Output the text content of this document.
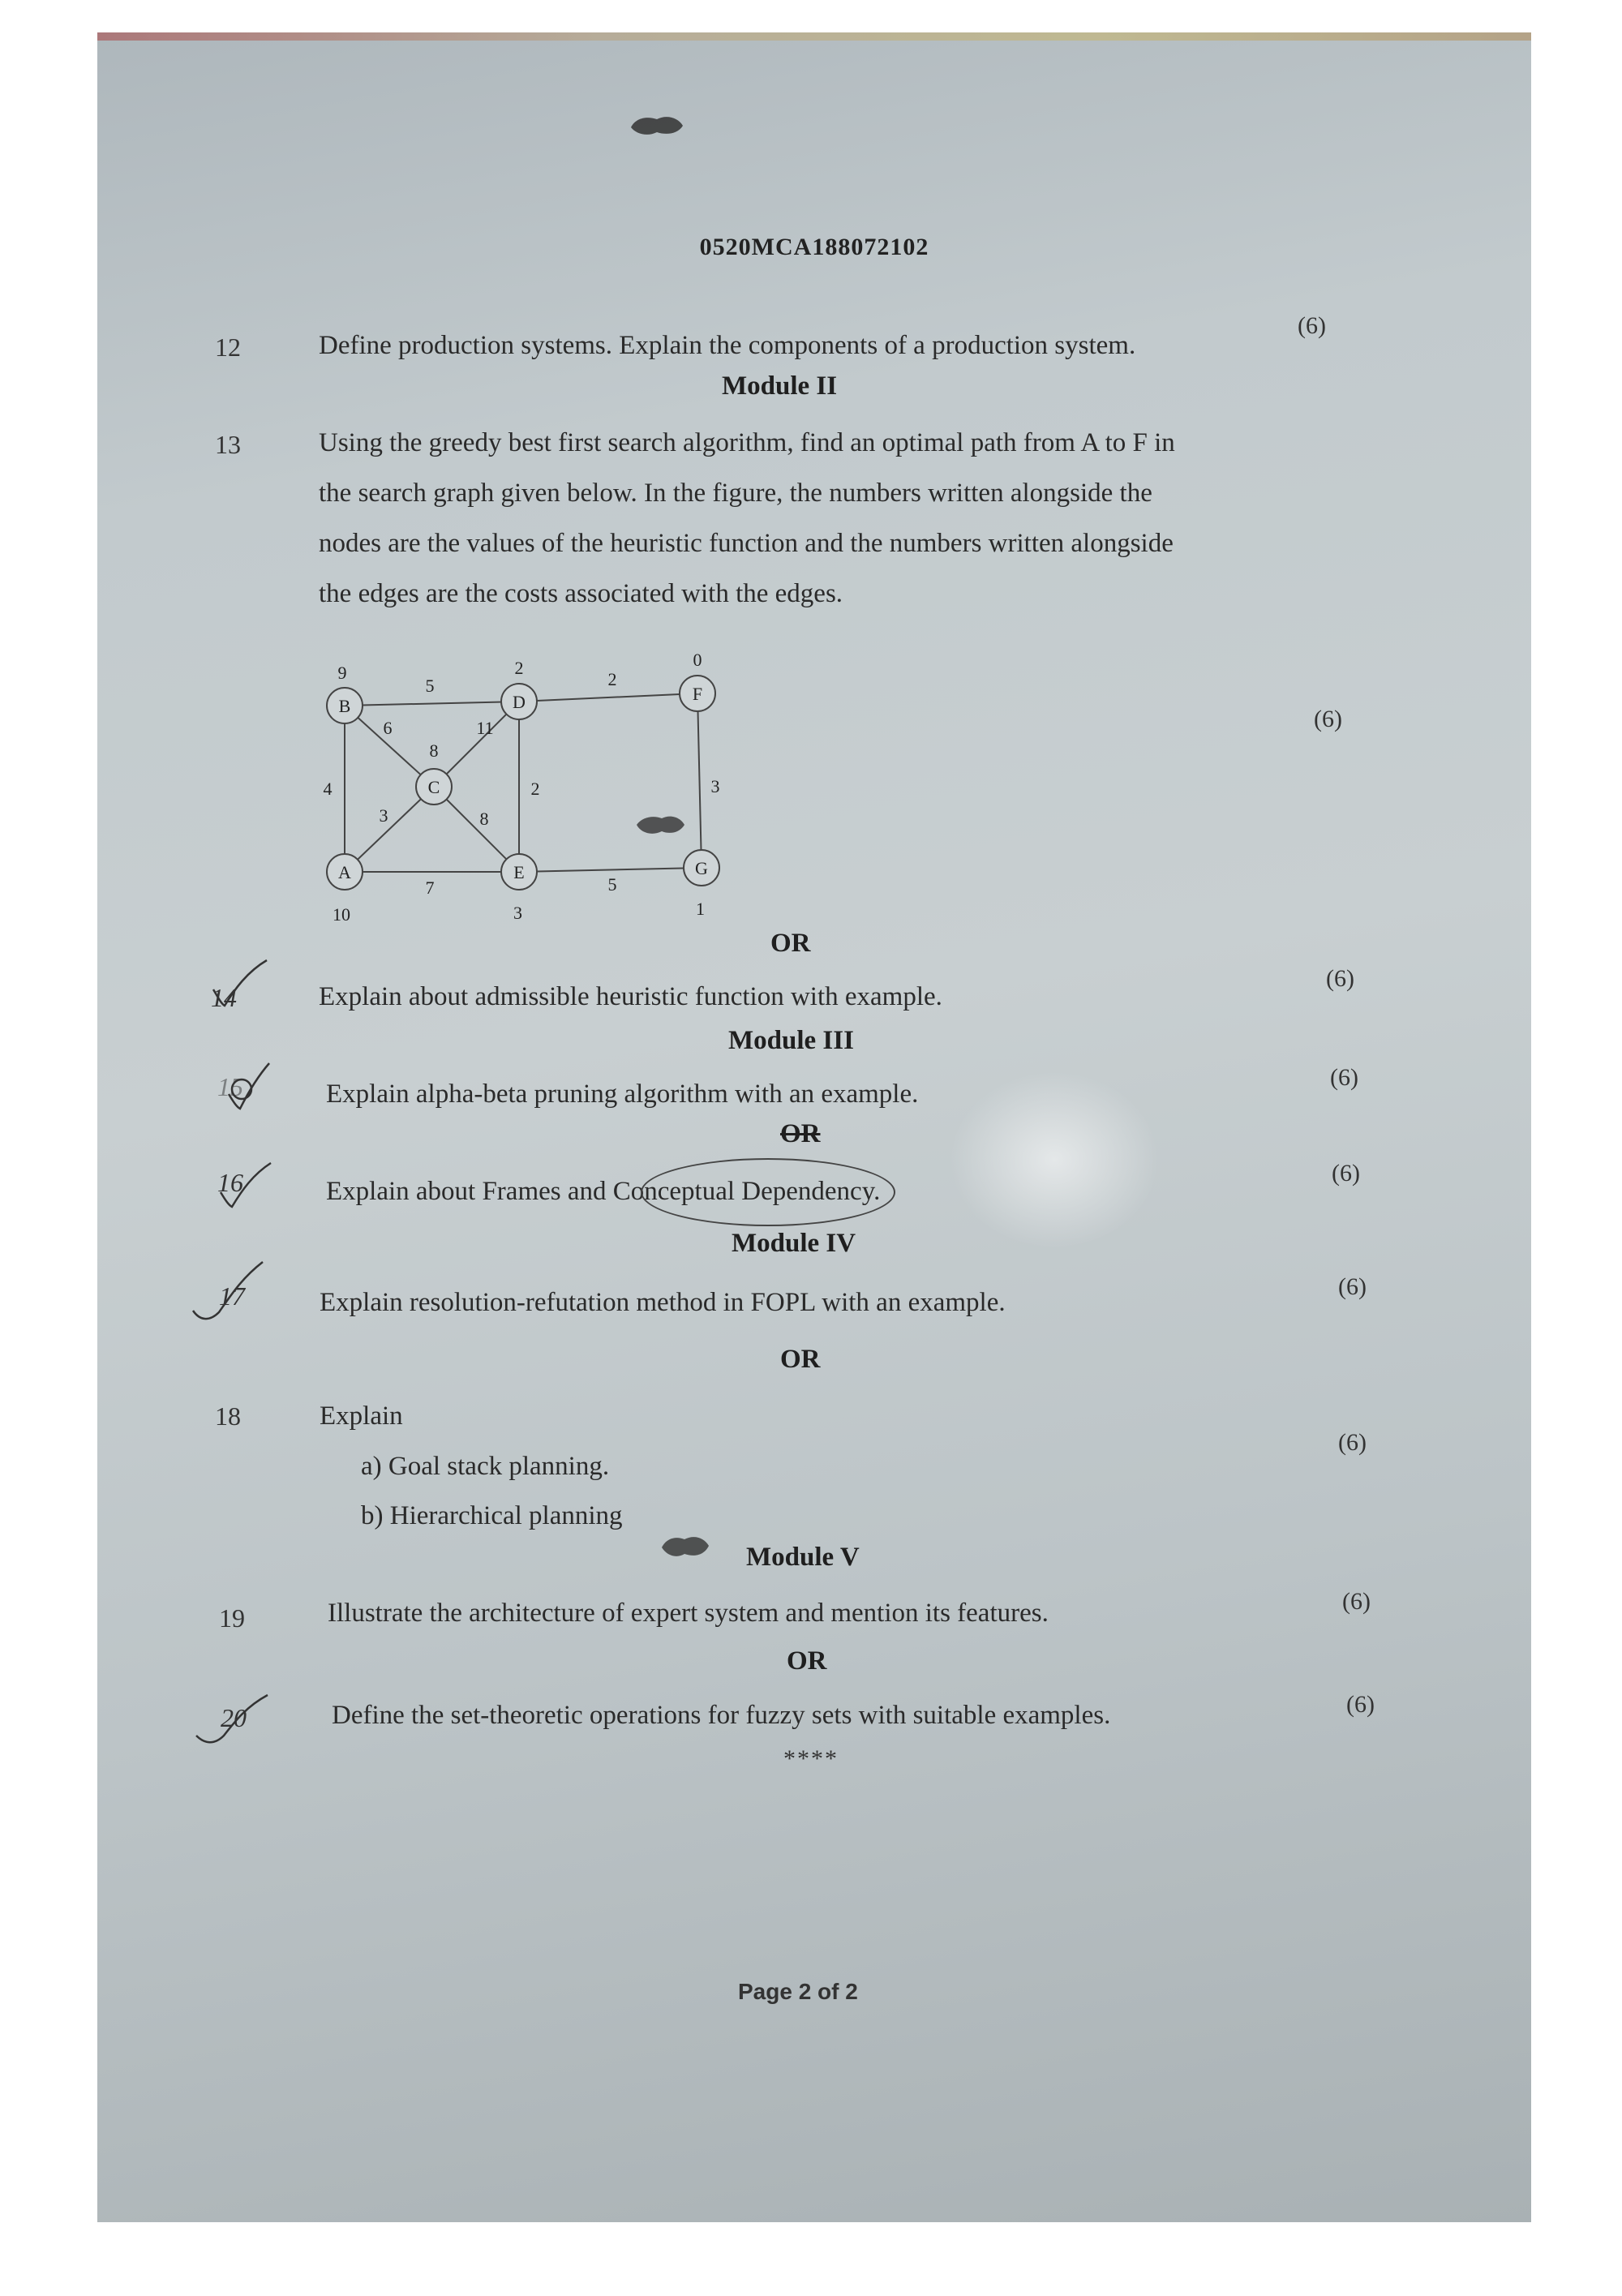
0520MCA188072102
12	Define production systems. Explain the components of a production system.
(6)
Module II
13	Using the greedy best first search algorithm, find an optimal path from A to F in
the search graph given below. In the figure, the numbers written alongside the
nodes are the values of the heuristic function and the numbers written alongside
the edges are the costs associated with the edges.
(6)
B	D	F
C
A	E	G
9	2	0
8
5	2
6	11
4
3	8
2	3
7	5
10	3	1
OR
14	Explain about admissible heuristic function with example.
(6)
Module III
15	Explain alpha-beta pruning algorithm with an example.
(6)
OR
16	Explain about Frames and Conceptual Dependency.
(6)
Module IV
17	Explain resolution-refutation method in FOPL with an example.
(6)
OR
18	Explain
a) Goal stack planning.
b) Hierarchical planning
(6)
Module V
19	Illustrate the architecture of expert system and mention its features.	(6)
OR
20	Define the set-theoretic operations for fuzzy sets with suitable examples.	(6)
****
Page 2 of 2
